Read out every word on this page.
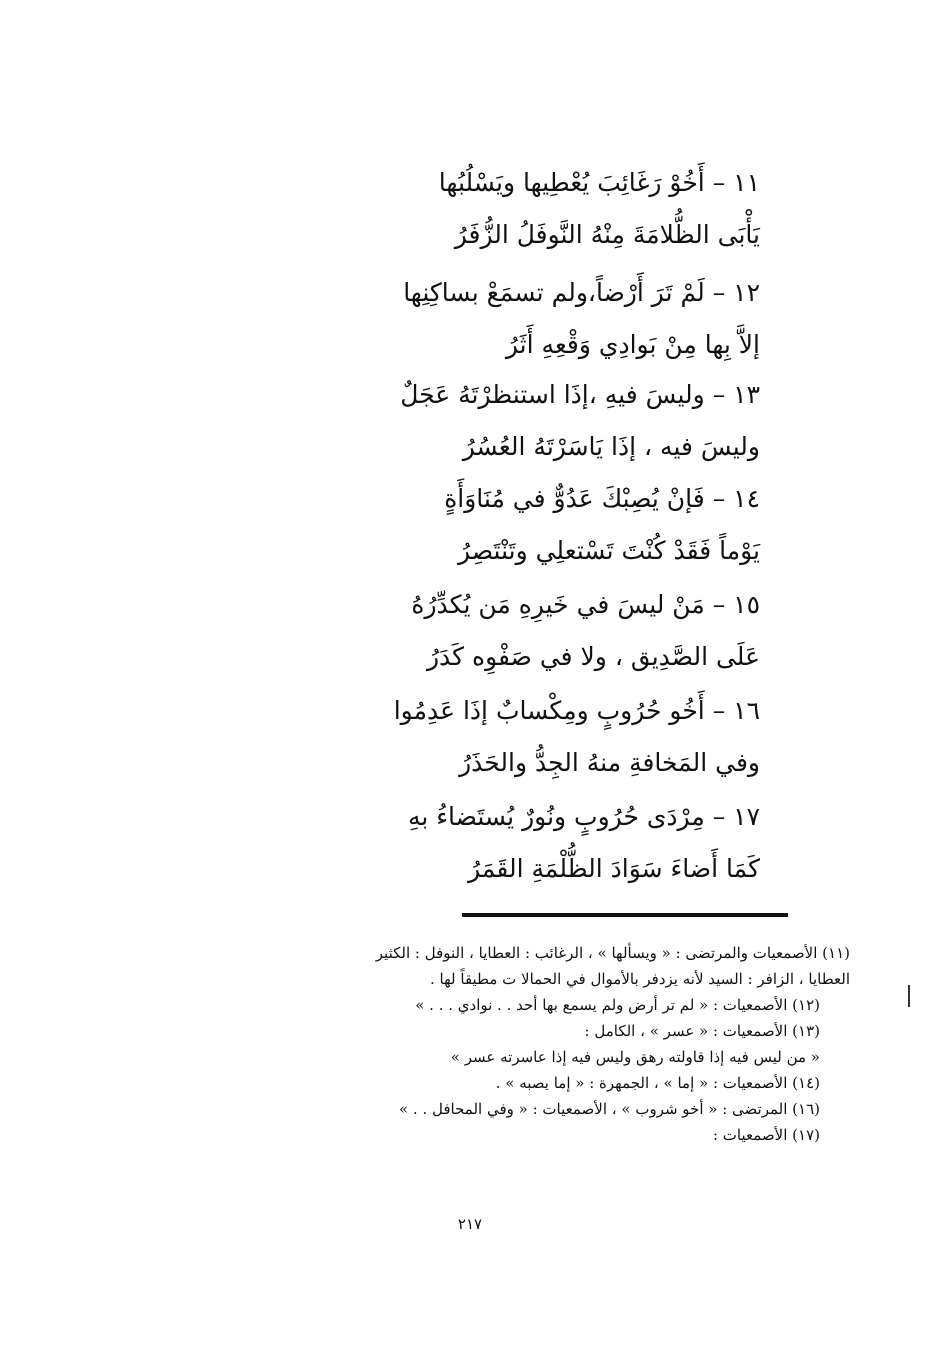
١١ – أَخُوْ رَغَائِبَ يُعْطِيها ويَسْلُبُها
يَأْبَى الظُّلامَةَ مِنْهُ النَّوفَلُ الزُّفَرُ
١٢ – لَمْ تَرَ أَرْضاً،ولم تسمَعْ بساكِنِها
إلاَّ بِها مِنْ بَوادِي وَقْعِهِ أَثَرُ
١٣ – وليسَ فيهِ ،إذَا استنظرْتَهُ عَجَلٌ
وليسَ فيه ، إذَا يَاسَرْتَهُ العُسُرُ
١٤ – فَإنْ يُصِبْكَ عَدُوٌّ في مُنَاوَأَةٍ
يَوْماً فَقَدْ كُنْتَ تَسْتعلِي وتَنْتَصِرُ
١٥ – مَنْ ليسَ في خَيرِهِ مَن يُكدِّرُهُ
عَلَى الصَّدِيق ، ولا في صَفْوِه كَدَرُ
١٦ – أَخُو حُرُوبٍ ومِكْسابٌ إذَا عَدِمُوا
وفي المَخافةِ منهُ الجِدُّ والحَذَرُ
١٧ – مِرْدَى حُرُوبٍ ونُورٌ يُستَضاءُ بهِ
كَمَا أَضاءَ سَوَادَ الظُّلْمَةِ القَمَرُ
(١١) الأصمعيات والمرتضى : « ويسألها » ، الرغائب : العطايا ، النوفل : الكثير
العطايا ، الزافر : السيد لأنه يزدفر بالأموال في الحمالا ت مطيقاً لها .
(١٢) الأصمعيات : « لم تر أرض ولم يسمع بها أحد . . نوادي . . . »
(١٣) الأصمعيات : « عسر » ، الكامل :
« من ليس فيه إذا قاولته رهق وليس فيه إذا عاسرته عسر »
(١٤) الأصمعيات : « إما » ، الجمهرة : « إما يصبه » .
(١٦) المرتضى : « أخو شروب » ، الأصمعيات : « وفي المحافل . . »
(١٧) الأصمعيات :
٢١٧
